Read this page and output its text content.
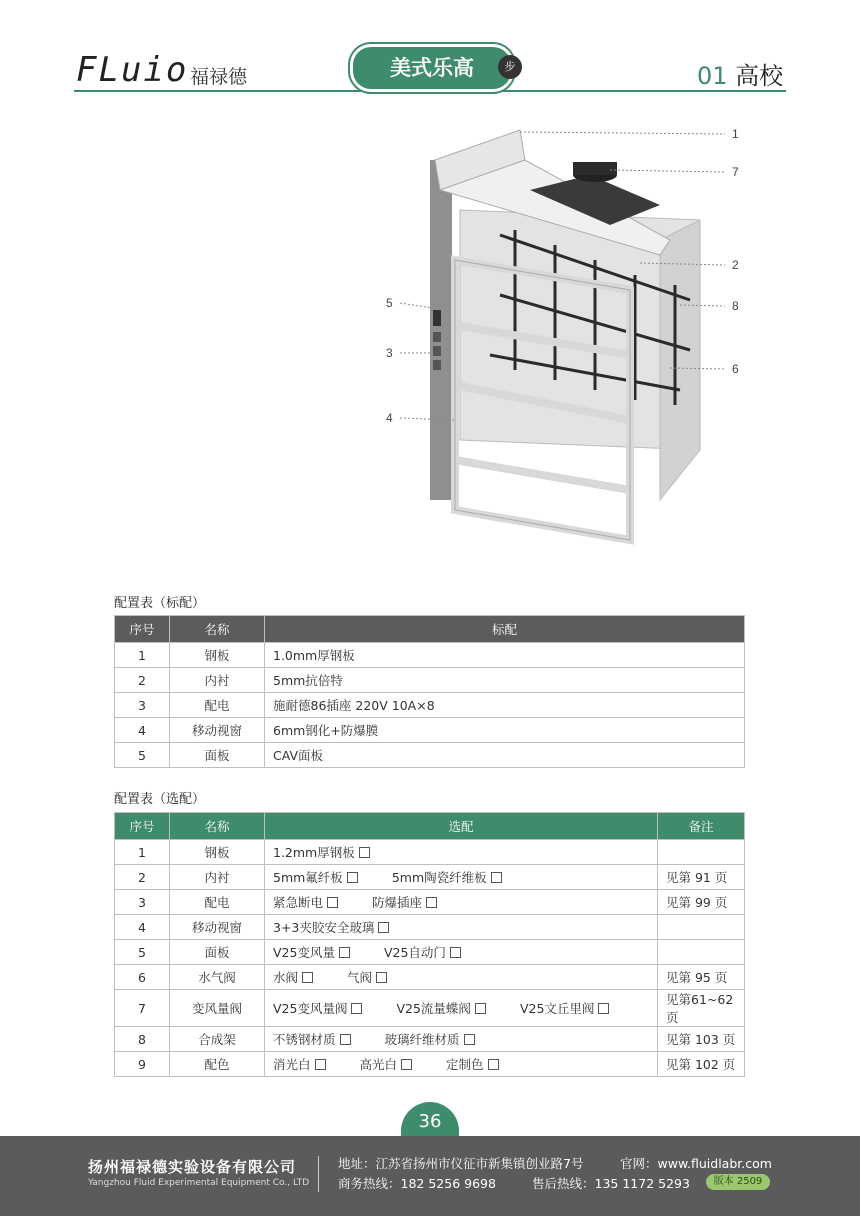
FLuio 福禄德	美式乐高	步	01 高校
1
7
2
8
5
3
6
4
配置表（标配）
序号	名称	标配
1	钢板	1.0mm厚钢板
2	内衬	5mm抗倍特
3	配电	施耐德86插座 220V 10A×8
4	移动视窗	6mm钢化+防爆膜
5	面板	CAV面板
配置表（选配）
序号	名称	选配	备注
1	钢板	1.2mm厚钢板	
2	内衬	5mm氟纤板 5mm陶瓷纤维板	见第 91 页
3	配电	紧急断电 防爆插座	见第 99 页
4	移动视窗	3+3夹胶安全玻璃	
5	面板	V25变风量 V25自动门	
6	水气阀	水阀 气阀	见第 95 页
7	变风量阀	V25变风量阀 V25流量蝶阀 V25文丘里阀	见第61~62页
8	合成架	不锈钢材质 玻璃纤维材质	见第 103 页
9	配色	消光白 高光白 定制色	见第 102 页
36
扬州福禄德实验设备有限公司
Yangzhou Fluid Experimental Equipment Co., LTD
地址：江苏省扬州市仪征市新集镇创业路7号	官网：www.fluidlabr.com
商务热线：182 5256 9698	售后热线：135 1172 5293	版本 2509
